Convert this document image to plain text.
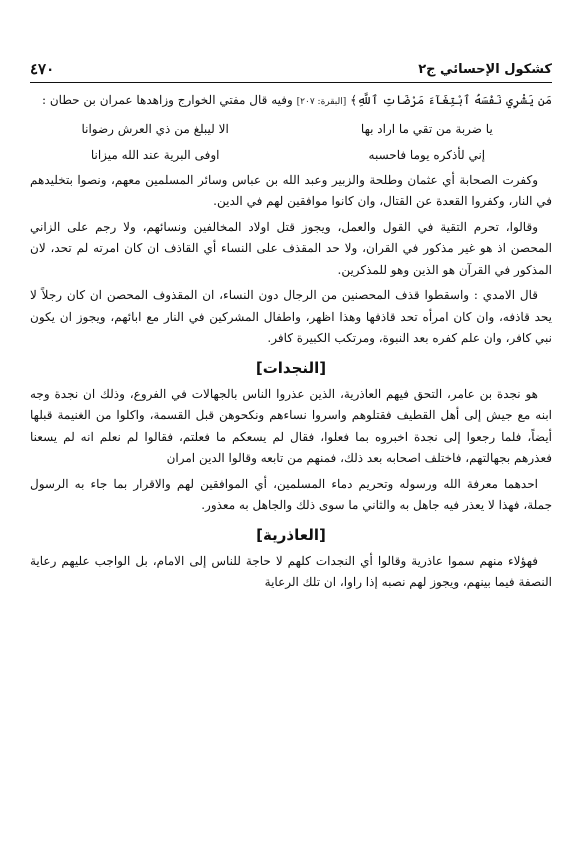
٤٧٠	كشكول الإحسائي ج٢

مَن يَشْرِي نَفْسَهُ ٱبْتِغَآءَ مَرْضَاتِ ٱللَّهِ﴾ [البقرة: ٢٠٧] وفيه قال مفتي الخوارج وزاهدها عمران بن حطان :

يا ضربة من تقي ما اراد بها
الا ليبلغ من ذي العرش رضوانا
إني لأذكره يوما فاحسبه
اوفى البرية عند الله ميزانا

وكفرت الصحابة أي عثمان وطلحة والزبير وعبد الله بن عباس وسائر المسلمين معهم، ونصوا بتخليدهم في النار، وكفروا القعدة عن القتال، وان كانوا موافقين لهم في الدين.

وقالوا، تحرم التقية في القول والعمل، ويجوز قتل اولاد المخالفين ونسائهم، ولا رجم على الزاني المحصن اذ هو غير مذكور في القران، ولا حد المقذف على النساء أي القاذف ان كان امرته لم تحد، لان المذكور في القرآن هو الذين وهو للمذكرين.

قال الامدي : واسقطوا قذف المحصنين من الرجال دون النساء، ان المقذوف المحصن ان كان رجلاً لا يحد قاذفه، وان كان امرأه تحد قاذفها وهذا اظهر، واطفال المشركين في النار مع ابائهم، ويجوز ان يكون نبي كافر، وان علم كفره بعد النبوة، ومرتكب الكبيرة كافر.

[النجدات]

هو نجدة بن عامر، التحق فيهم العاذرية، الذين عذروا الناس بالجهالات في الفروع، وذلك ان نجدة وجه ابنه مع جيش إلى أهل القطيف فقتلوهم واسروا نساءهم ونكحوهن قبل القسمة، واكلوا من الغنيمة قبلها أيضاً، فلما رجعوا إلى نجدة اخبروه بما فعلوا، فقال لم يسعكم ما فعلتم، فقالوا لم نعلم انه لم يسعنا فعذرهم بجهالتهم، فاختلف اصحابه بعد ذلك، فمنهم من تابعه وقالوا الدين امران

احدهما معرفة الله ورسوله وتحريم دماء المسلمين، أي الموافقين لهم والاقرار بما جاء به الرسول جملة، فهذا لا يعذر فيه جاهل به والثاني ما سوى ذلك والجاهل به معذور.

[العاذرية]

فهؤلاء منهم سموا عاذرية وقالوا أي النجدات كلهم لا حاجة للناس إلى الامام، بل الواجب عليهم رعاية النصفة فيما بينهم، ويجوز لهم نصبه إذا راوا، ان تلك الرعاية
